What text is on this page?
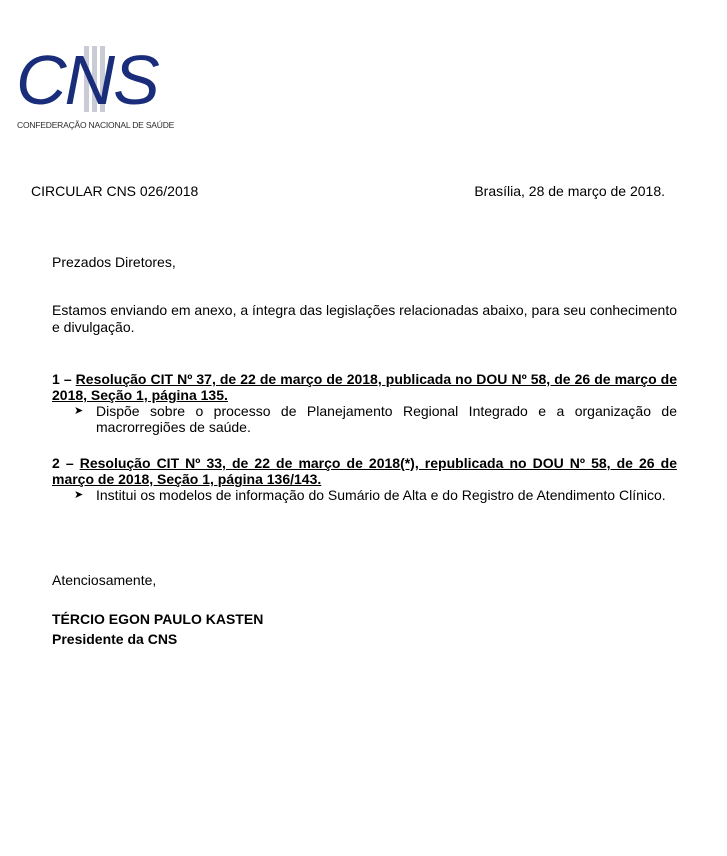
CNS
CONFEDERAÇÃO NACIONAL DE SAÚDE
CIRCULAR CNS 026/2018	Brasília, 28 de março de 2018.
Prezados Diretores,
Estamos enviando em anexo, a íntegra das legislações relacionadas abaixo, para seu conhecimento e divulgação.
1 – Resolução CIT Nº 37, de 22 de março de 2018, publicada no DOU Nº 58, de 26 de março de 2018, Seção 1, página 135.
➤ Dispõe sobre o processo de Planejamento Regional Integrado e a organização de macrorregiões de saúde.
2 – Resolução CIT Nº 33, de 22 de março de 2018(*), republicada no DOU Nº 58, de 26 de março de 2018, Seção 1, página 136/143.
➤ Institui os modelos de informação do Sumário de Alta e do Registro de Atendimento Clínico.
Atenciosamente,
TÉRCIO EGON PAULO KASTEN
Presidente da CNS
